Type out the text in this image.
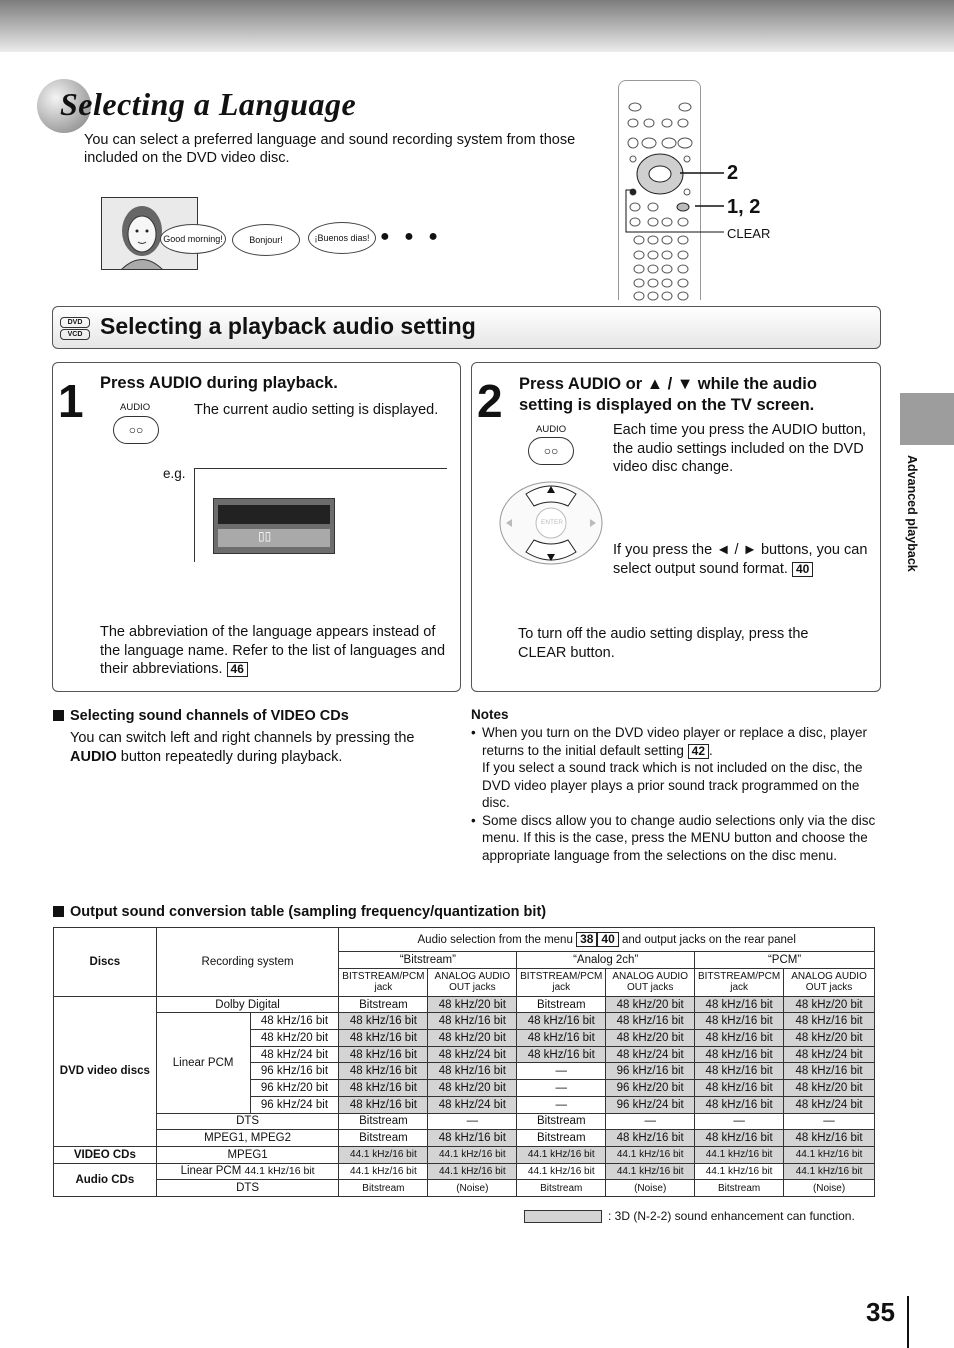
Selecting a Language
You can select a preferred language and sound recording system from those included on the DVD video disc.
Good morning!	Bonjour!	¡Buenos dias! ● ● ●
2
1, 2
CLEAR
DVD
VCD Selecting a playback audio setting
1 Press AUDIO during playback.
AUDIO
○○
The current audio setting is displayed.
e.g.
▯▯
The abbreviation of the language appears instead of the language name. Refer to the list of languages and their abbreviations. 46
2 Press AUDIO or ▲ / ▼ while the audio setting is displayed on the TV screen.
AUDIO
○○
Each time you press the AUDIO button, the audio settings included on the DVD video disc change.
ENTER
If you press the ◄ / ► buttons, you can select output sound format. 40
To turn off the audio setting display, press the CLEAR button.
Selecting sound channels of VIDEO CDs
You can switch left and right channels by pressing the AUDIO button repeatedly during playback.
Notes
• When you turn on the DVD video player or replace a disc, player returns to the initial default setting 42 .
If you select a sound track which is not included on the disc, the DVD video player plays a prior sound track programmed on the disc.
• Some discs allow you to change audio selections only via the disc menu. If this is the case, press the MENU button and choose the appropriate language from the selections on the disc menu.
Output sound conversion table (sampling frequency/quantization bit)
Discs	Recording system		Audio selection from the menu 38 40 and output jacks on the rear panel					
			“Bitstream”		“Analog 2ch”		“PCM”	
			BITSTREAM/PCM jack	ANALOG AUDIO OUT jacks	BITSTREAM/PCM jack	ANALOG AUDIO OUT jacks	BITSTREAM/PCM jack	ANALOG AUDIO OUT jacks
DVD video discs	Dolby Digital		Bitstream	48 kHz/20 bit	Bitstream	48 kHz/20 bit	48 kHz/16 bit	48 kHz/20 bit
	Linear PCM	48 kHz/16 bit	48 kHz/16 bit	48 kHz/16 bit	48 kHz/16 bit	48 kHz/16 bit	48 kHz/16 bit	48 kHz/16 bit
		48 kHz/20 bit	48 kHz/16 bit	48 kHz/20 bit	48 kHz/16 bit	48 kHz/20 bit	48 kHz/16 bit	48 kHz/20 bit
		48 kHz/24 bit	48 kHz/16 bit	48 kHz/24 bit	48 kHz/16 bit	48 kHz/24 bit	48 kHz/16 bit	48 kHz/24 bit
		96 kHz/16 bit	48 kHz/16 bit	48 kHz/16 bit	—	96 kHz/16 bit	48 kHz/16 bit	48 kHz/16 bit
		96 kHz/20 bit	48 kHz/16 bit	48 kHz/20 bit	—	96 kHz/20 bit	48 kHz/16 bit	48 kHz/20 bit
		96 kHz/24 bit	48 kHz/16 bit	48 kHz/24 bit	—	96 kHz/24 bit	48 kHz/16 bit	48 kHz/24 bit
	DTS		Bitstream	—	Bitstream	—	—	—
	MPEG1, MPEG2		Bitstream	48 kHz/16 bit	Bitstream	48 kHz/16 bit	48 kHz/16 bit	48 kHz/16 bit
VIDEO CDs	MPEG1		44.1 kHz/16 bit	44.1 kHz/16 bit	44.1 kHz/16 bit	44.1 kHz/16 bit	44.1 kHz/16 bit	44.1 kHz/16 bit
Audio CDs	Linear PCM 44.1 kHz/16 bit		44.1 kHz/16 bit	44.1 kHz/16 bit	44.1 kHz/16 bit	44.1 kHz/16 bit	44.1 kHz/16 bit	44.1 kHz/16 bit
	DTS		Bitstream	(Noise)	Bitstream	(Noise)	Bitstream	(Noise)
: 3D (N-2-2) sound enhancement can function.
Advanced playback
35
